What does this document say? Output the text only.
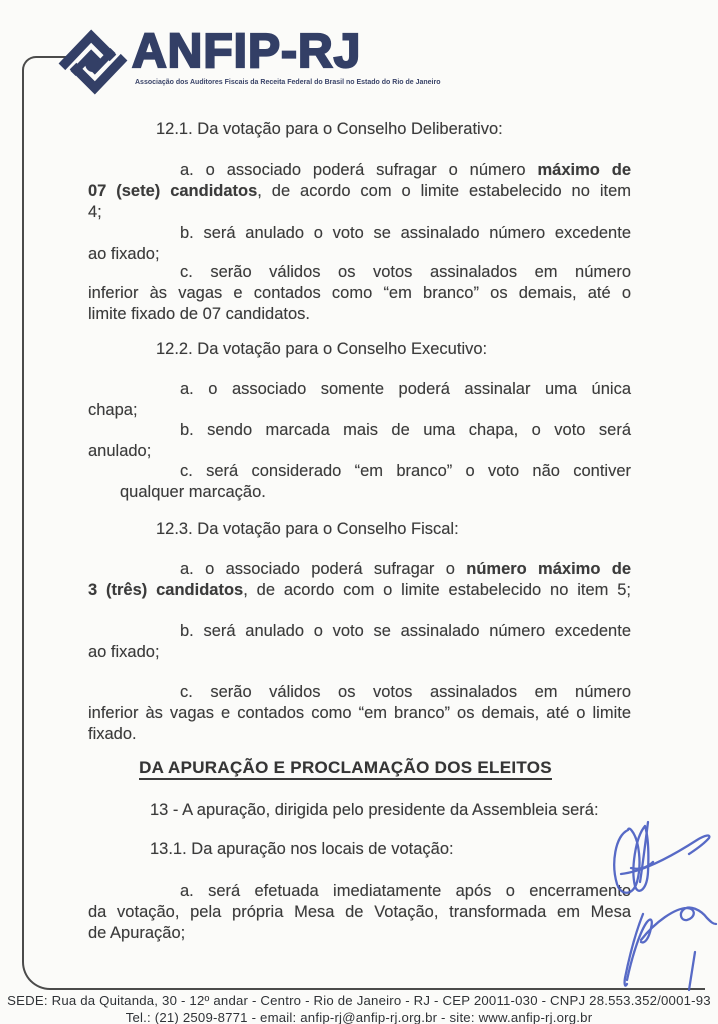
ANFIP-RJ
Associação dos Auditores Fiscais da Receita Federal do Brasil no Estado do Rio de Janeiro
12.1. Da votação para o Conselho Deliberativo:
a. o associado poderá sufragar o número máximo de
07 (sete) candidatos, de acordo com o limite estabelecido no item
4;
b. será anulado o voto se assinalado número excedente
ao fixado;
c. serão válidos os votos assinalados em número
inferior às vagas e contados como “em branco” os demais, até o
limite fixado de 07 candidatos.
12.2. Da votação para o Conselho Executivo:
a. o associado somente poderá assinalar uma única
chapa;
b. sendo marcada mais de uma chapa, o voto será
anulado;
c. será considerado “em branco” o voto não contiver
qualquer marcação.
12.3. Da votação para o Conselho Fiscal:
a. o associado poderá sufragar o número máximo de
3 (três) candidatos, de acordo com o limite estabelecido no item 5;
b. será anulado o voto se assinalado número excedente
ao fixado;
c. serão válidos os votos assinalados em número
inferior às vagas e contados como “em branco” os demais, até o limite
fixado.
DA APURAÇÃO E PROCLAMAÇÃO DOS ELEITOS
13 - A apuração, dirigida pelo presidente da Assembleia será:
13.1. Da apuração nos locais de votação:
a. será efetuada imediatamente após o encerramento
da votação, pela própria Mesa de Votação, transformada em Mesa
de Apuração;
SEDE: Rua da Quitanda, 30 - 12º andar - Centro - Rio de Janeiro - RJ - CEP 20011-030 - CNPJ 28.553.352/0001-93
Tel.: (21) 2509-8771 - email: anfip-rj@anfip-rj.org.br - site: www.anfip-rj.org.br
